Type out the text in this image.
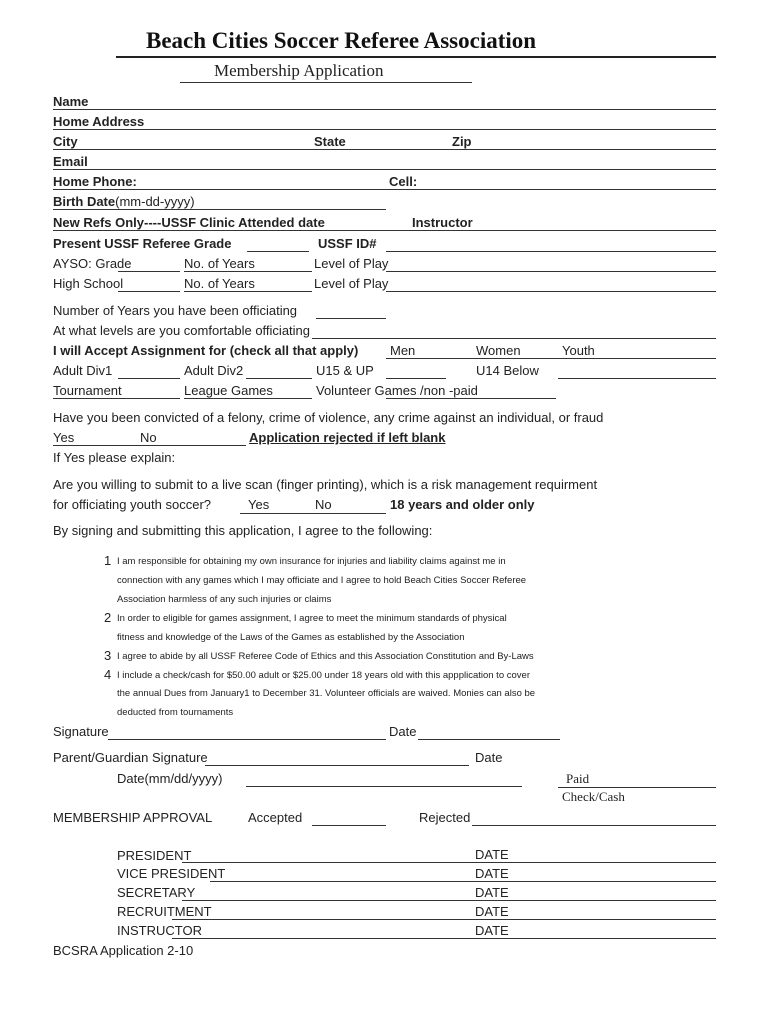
Beach Cities Soccer Referee Association
Membership Application
Name
Home Address
City	State	Zip
Email
Home Phone:	Cell:
Birth Date(mm-dd-yyyy)
New Refs Only----USSF Clinic Attended date	Instructor
Present USSF Referee Grade	USSF ID#
AYSO: Grade	No. of Years	Level of Play
High School	No. of Years	Level of Play
Number of Years you have been officiating
At what levels are you comfortable officiating
I will Accept Assignment for (check all that apply) Men	Women	Youth
Adult Div1	Adult Div2	U15 & UP	U14 Below
Tournament	League Games	Volunteer Games /non -paid
Have you been convicted of a felony, crime of violence, any crime against an individual, or fraud
Yes	No	Application rejected if left blank
If Yes please explain:
Are you willing to submit to a live scan (finger printing), which is a risk management requirment
for officiating youth soccer?	Yes	No	18 years and older only
By signing and submitting this application, I agree to the following:
1 I am responsible for obtaining my own insurance for injuries and liability claims against me in
connection with any games which I may officiate and I agree to hold Beach Cities Soccer Referee
Association harmless of any such injuries or claims
2 In order to eligible for games assignment, I agree to meet the minimum standards of physical
fitness and knowledge of the Laws of the Games as established by the Association
3 I agree to abide by all USSF Referee Code of Ethics and this Association Constitution and By-Laws
4 I include a check/cash for $50.00 adult or $25.00 under 18 years old with this appplication to cover
the annual Dues from January1 to December 31. Volunteer officials are waived. Monies can also be
deducted from tournaments
Signature	Date
Parent/Guardian Signature	Date
Date(mm/dd/yyyy)	Paid
Check/Cash
MEMBERSHIP APPROVAL	Accepted	Rejected
PRESIDENT	DATE
VICE PRESIDENT	DATE
SECRETARY	DATE
RECRUITMENT	DATE
INSTRUCTOR	DATE
BCSRA Application 2-10
